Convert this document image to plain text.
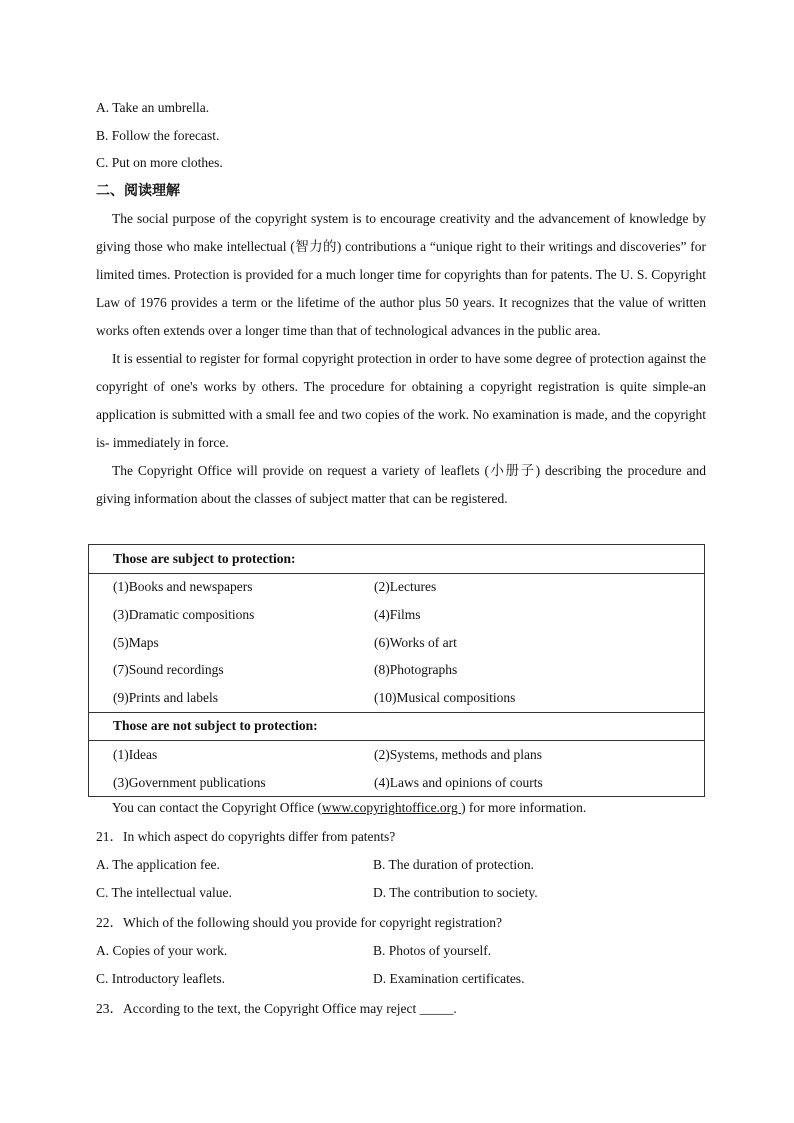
A. Take an umbrella.
B. Follow the forecast.
C. Put on more clothes.
二、阅读理解

The social purpose of the copyright system is to encourage creativity and the advancement of knowledge by giving those who make intellectual (智力的) contributions a “unique right to their writings and discoveries” for limited times. Protection is provided for a much longer time for copyrights than for patents. The U. S. Copyright Law of 1976 provides a term or the lifetime of the author plus 50 years. It recognizes that the value of written works often extends over a longer time than that of technological advances in the public area.

It is essential to register for formal copyright protection in order to have some degree of protection against the copyright of one's works by others. The procedure for obtaining a copyright registration is quite simple-an application is submitted with a small fee and two copies of the work. No examination is made, and the copyright is- immediately in force.

The Copyright Office will provide on request a variety of leaflets (小册子) describing the procedure and giving information about the classes of subject matter that can be registered.

Those are subject to protection:	
(1)Books and newspapers	(2)Lectures
(3)Dramatic compositions	(4)Films
(5)Maps	(6)Works of art
(7)Sound recordings	(8)Photographs
(9)Prints and labels	(10)Musical compositions
Those are not subject to protection:	
(1)Ideas	(2)Systems, methods and plans
(3)Government publications	(4)Laws and opinions of courts
You can contact the Copyright Office (www.copyrightoffice.org ) for more information.
21．In which aspect do copyrights differ from patents?
A. The application fee.	B. The duration of protection.
C. The intellectual value.	D. The contribution to society.
22．Which of the following should you provide for copyright registration?
A. Copies of your work.	B. Photos of yourself.
C. Introductory leaflets.	D. Examination certificates.
23．According to the text, the Copyright Office may reject _____.
